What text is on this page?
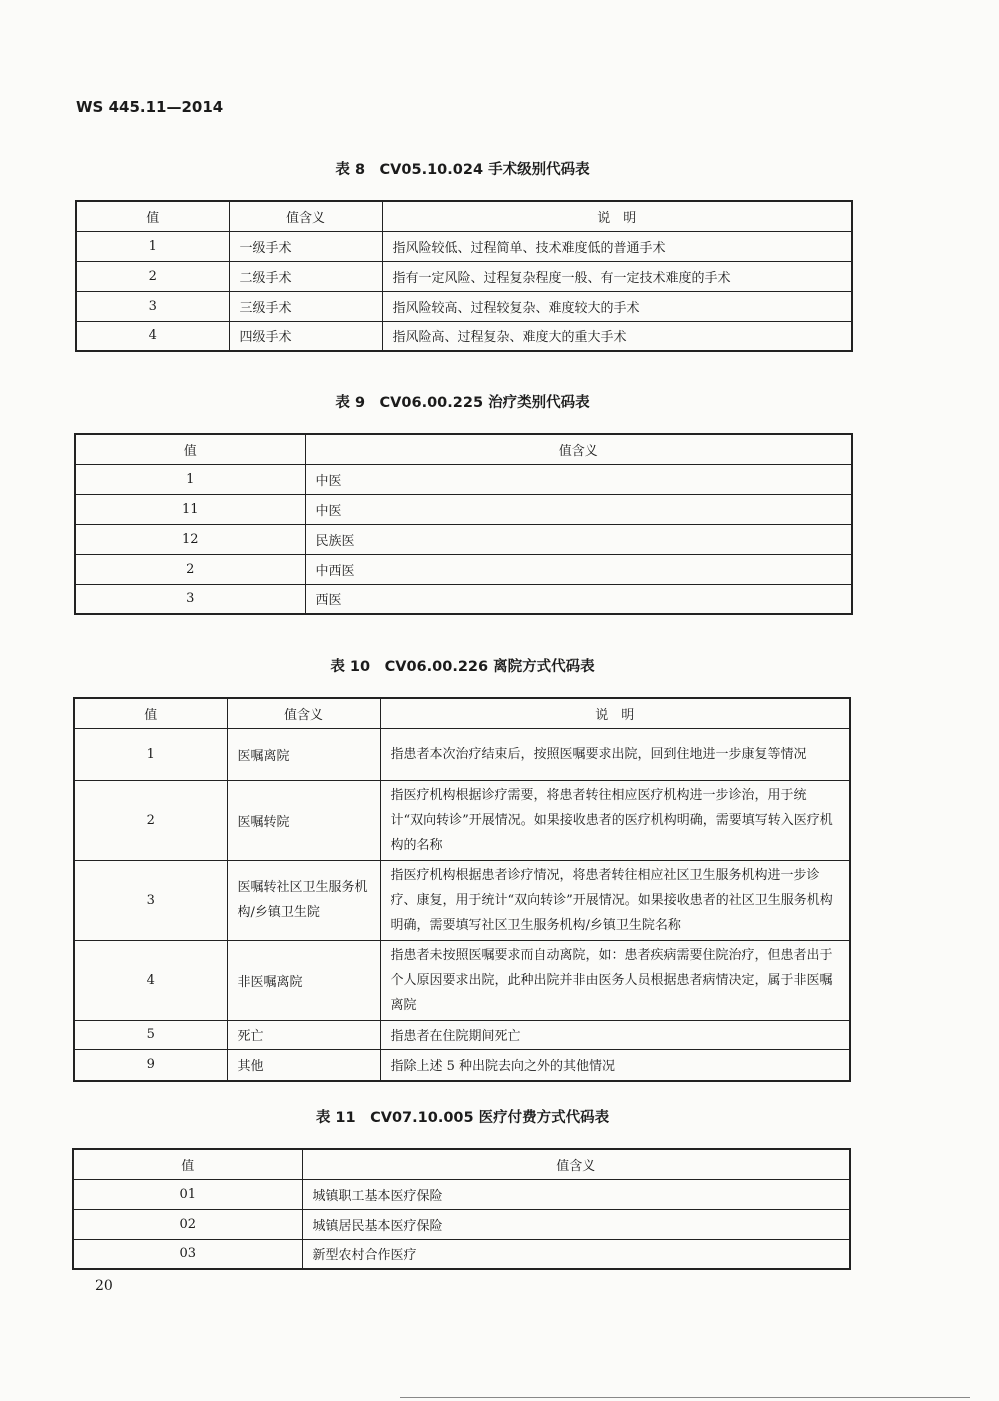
WS 445.11—2014
表 8　CV05.10.024 手术级别代码表
值	值含义	说　明
1	一级手术	指风险较低、过程简单、技术难度低的普通手术
2	二级手术	指有一定风险、过程复杂程度一般、有一定技术难度的手术
3	三级手术	指风险较高、过程较复杂、难度较大的手术
4	四级手术	指风险高、过程复杂、难度大的重大手术
表 9　CV06.00.225 治疗类别代码表
值	值含义
1	中医
11	中医
12	民族医
2	中西医
3	西医
表 10　CV06.00.226 离院方式代码表
值	值含义	说　明
1	医嘱离院	指患者本次治疗结束后，按照医嘱要求出院，回到住地进一步康复等情况
2	医嘱转院	指医疗机构根据诊疗需要，将患者转往相应医疗机构进一步诊治，用于统计“双向转诊”开展情况。如果接收患者的医疗机构明确，需要填写转入医疗机构的名称
3	医嘱转社区卫生服务机构/乡镇卫生院	指医疗机构根据患者诊疗情况，将患者转往相应社区卫生服务机构进一步诊疗、康复，用于统计“双向转诊”开展情况。如果接收患者的社区卫生服务机构明确，需要填写社区卫生服务机构/乡镇卫生院名称
4	非医嘱离院	指患者未按照医嘱要求而自动离院，如：患者疾病需要住院治疗，但患者出于个人原因要求出院，此种出院并非由医务人员根据患者病情决定，属于非医嘱离院
5	死亡	指患者在住院期间死亡
9	其他	指除上述 5 种出院去向之外的其他情况
表 11　CV07.10.005 医疗付费方式代码表
值	值含义
01	城镇职工基本医疗保险
02	城镇居民基本医疗保险
03	新型农村合作医疗
20
